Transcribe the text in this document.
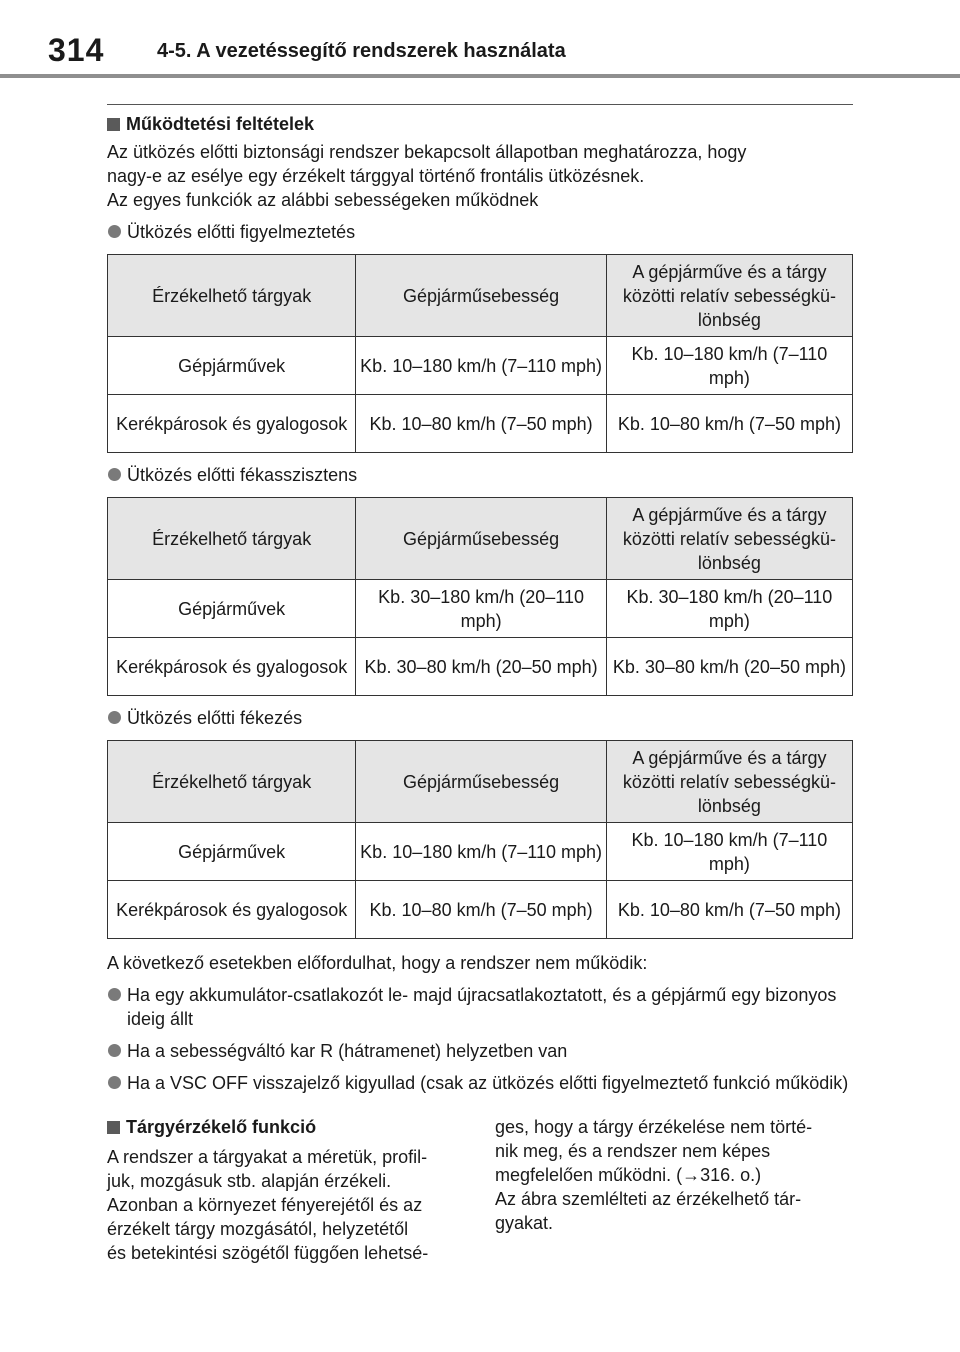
314	4-5. A vezetéssegítő rendszerek használata
Működtetési feltételek

Az ütközés előtti biztonsági rendszer bekapcsolt állapotban meghatározza, hogy
nagy-e az esélye egy érzékelt tárggyal történő frontális ütközésnek.
Az egyes funkciók az alábbi sebességeken működnek

Ütközés előtti figyelmeztetés
Érzékelhető tárgyak	Gépjárműsebesség	A gépjárműve és a tárgy közötti relatív sebességkü-lönbség
Gépjárművek	Kb. 10–180 km/h (7–110 mph)	Kb. 10–180 km/h (7–110 mph)
Kerékpárosok és gyalogosok	Kb. 10–80 km/h (7–50 mph)	Kb. 10–80 km/h (7–50 mph)
Ütközés előtti fékasszisztens
Érzékelhető tárgyak	Gépjárműsebesség	A gépjárműve és a tárgy közötti relatív sebességkü-lönbség
Gépjárművek	Kb. 30–180 km/h (20–110 mph)	Kb. 30–180 km/h (20–110 mph)
Kerékpárosok és gyalogosok	Kb. 30–80 km/h (20–50 mph)	Kb. 30–80 km/h (20–50 mph)
Ütközés előtti fékezés
Érzékelhető tárgyak	Gépjárműsebesség	A gépjárműve és a tárgy közötti relatív sebességkü-lönbség
Gépjárművek	Kb. 10–180 km/h (7–110 mph)	Kb. 10–180 km/h (7–110 mph)
Kerékpárosok és gyalogosok	Kb. 10–80 km/h (7–50 mph)	Kb. 10–80 km/h (7–50 mph)

A következő esetekben előfordulhat, hogy a rendszer nem működik:

Ha egy akkumulátor-csatlakozót le- majd újracsatlakoztatott, és a gépjármű egy bizonyos ideig állt
Ha a sebességváltó kar R (hátramenet) helyzetben van
Ha a VSC OFF visszajelző kigyullad (csak az ütközés előtti figyelmeztető funkció működik)
Tárgyérzékelő funkció

A rendszer a tárgyakat a méretük, profil-
juk, mozgásuk stb. alapján érzékeli.
Azonban a környezet fényerejétől és az
érzékelt tárgy mozgásától, helyzetétől
és betekintési szögétől függően lehetsé-

ges, hogy a tárgy érzékelése nem törté-
nik meg, és a rendszer nem képes
megfelelően működni. (→316. o.)
Az ábra szemlélteti az érzékelhető tár-
gyakat.
